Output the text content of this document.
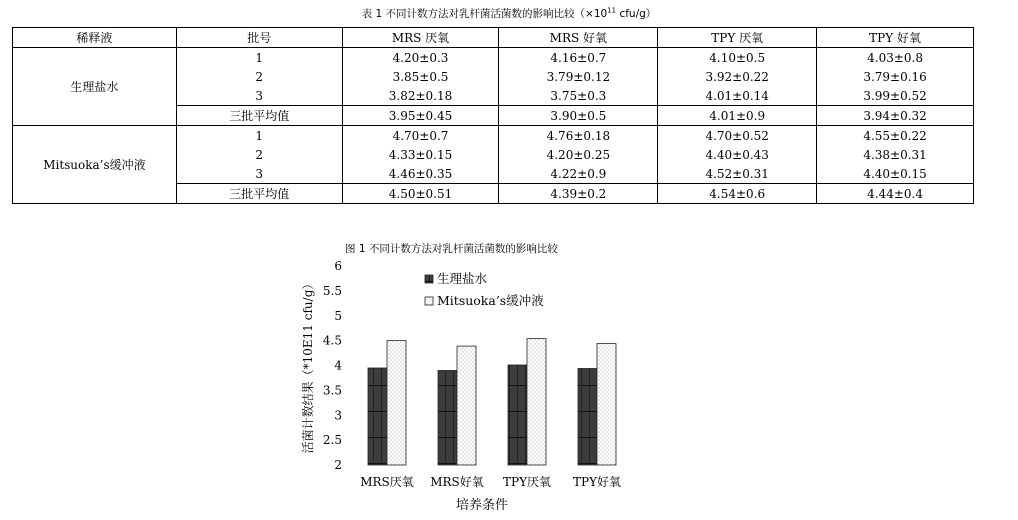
表 1 不同计数方法对乳杆菌活菌数的影响比较（$\times 10^{11}$ cfu/g）
稀释液	批号	MRS 厌氧	MRS 好氧	TPY 厌氧	TPY 好氧
生理盐水	1	4.20±0.3	4.16±0.7	4.10±0.5	4.03±0.8
	2	3.85±0.5	3.79±0.12	3.92±0.22	3.79±0.16
	3	3.82±0.18	3.75±0.3	4.01±0.14	3.99±0.52
	三批平均值	3.95±0.45	3.90±0.5	4.01±0.9	3.94±0.32
Mitsuoka’s缓冲液	1	4.70±0.7	4.76±0.18	4.70±0.52	4.55±0.22
	2	4.33±0.15	4.20±0.25	4.40±0.43	4.38±0.31
	3	4.46±0.35	4.22±0.9	4.52±0.31	4.40±0.15
	三批平均值	4.50±0.51	4.39±0.2	4.54±0.6	4.44±0.4
图 1 不同计数方法对乳杆菌活菌数的影响比较
2
2.5
3
3.5
4
4.5
5
5.5
6
活菌计数结果（*10E11 cfu/g）
MRS厌氧 MRS好氧 TPY厌氧 TPY好氧
培养条件
生理盐水
Mitsuoka’s缓冲液
